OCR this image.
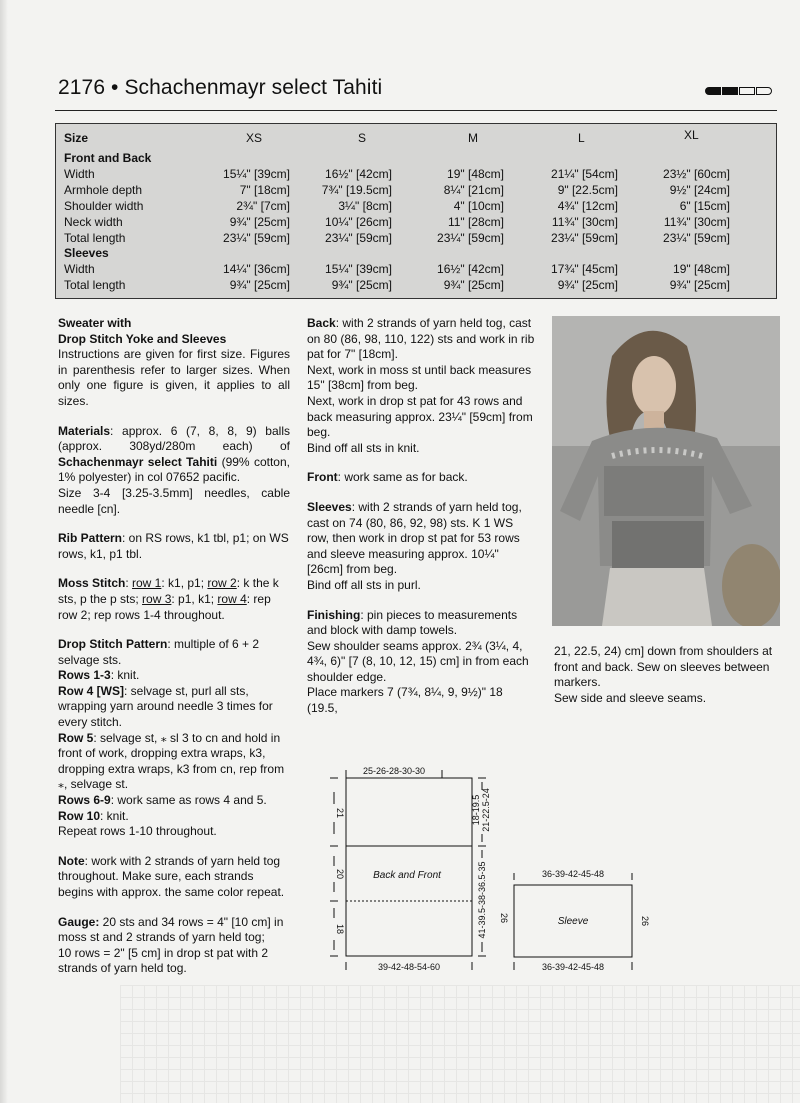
2176 • Schachenmayr select Tahiti
Size	XS	S	M	L	XL
Front and Back
Width	15¼" [39cm]	16½" [42cm]	19" [48cm]	21¼" [54cm]	23½" [60cm]
Armhole depth	7" [18cm]	7¾" [19.5cm]	8¼" [21cm]	9" [22.5cm]	9½" [24cm]
Shoulder width	2¾" [7cm]	3¼" [8cm]	4" [10cm]	4¾" [12cm]	6" [15cm]
Neck width	9¾" [25cm]	10¼" [26cm]	11" [28cm]	11¾" [30cm]	11¾" [30cm]
Total length	23¼" [59cm]	23¼" [59cm]	23¼" [59cm]	23¼" [59cm]	23¼" [59cm]
Sleeves
Width	14¼" [36cm]	15¼" [39cm]	16½" [42cm]	17¾" [45cm]	19" [48cm]
Total length	9¾" [25cm]	9¾" [25cm]	9¾" [25cm]	9¾" [25cm]	9¾" [25cm]

Sweater with
Drop Stitch Yoke and Sleeves
Instructions are given for first size. Figures in parenthesis refer to larger sizes. When only one figure is given, it applies to all sizes.

Materials: approx. 6 (7, 8, 8, 9) balls (approx. 308yd/280m each) of Schachenmayr select Tahiti (99% cotton, 1% polyester) in col 07652 pacific.
Size 3-4 [3.25-3.5mm] needles, cable needle [cn].

Rib Pattern: on RS rows, k1 tbl, p1; on WS rows, k1, p1 tbl.

Moss Stitch: row 1: k1, p1; row 2: k the k sts, p the p sts; row 3: p1, k1; row 4: rep row 2; rep rows 1-4 throughout.

Drop Stitch Pattern: multiple of 6 + 2 selvage sts.
Rows 1-3: knit.
Row 4 [WS]: selvage st, purl all sts, wrapping yarn around needle 3 times for every stitch.
Row 5: selvage st, ⁎ sl 3 to cn and hold in front of work, dropping extra wraps, k3, dropping extra wraps, k3 from cn, rep from ⁎, selvage st.
Rows 6-9: work same as rows 4 and 5.
Row 10: knit.
Repeat rows 1-10 throughout.

Note: work with 2 strands of yarn held tog throughout. Make sure, each strands begins with approx. the same color repeat.

Gauge: 20 sts and 34 rows = 4" [10 cm] in moss st and 2 strands of yarn held tog;
10 rows = 2" [5 cm] in drop st pat with 2 strands of yarn held tog.

Back: with 2 strands of yarn held tog, cast on 80 (86, 98, 110, 122) sts and work in rib pat for 7" [18cm].
Next, work in moss st until back measures 15" [38cm] from beg.
Next, work in drop st pat for 43 rows and back measuring approx. 23¼" [59cm] from beg.
Bind off all sts in knit.

Front: work same as for back.

Sleeves: with 2 strands of yarn held tog, cast on 74 (80, 86, 92, 98) sts. K 1 WS row, then work in drop st pat for 53 rows and sleeve measuring approx. 10¼" [26cm] from beg.
Bind off all sts in purl.

Finishing: pin pieces to measurements and block with damp towels.
Sew shoulder seams approx. 2¾ (3¼, 4, 4¾, 6)" [7 (8, 10, 12, 15) cm] in from each shoulder edge.
Place markers 7 (7¾, 8¼, 9, 9½)" 18 (19.5,

21, 22.5, 24) cm] down from shoulders at front and back. Sew on sleeves between markers.
Sew side and sleeve seams.

25-26-28-30-30
39-42-48-54-60
Back and Front
21
20
18
18-19.5 21-22.5-24
41-39.5-38-36.5-35 26
36-39-42-45-48
36-39-42-45-48
Sleeve	26
